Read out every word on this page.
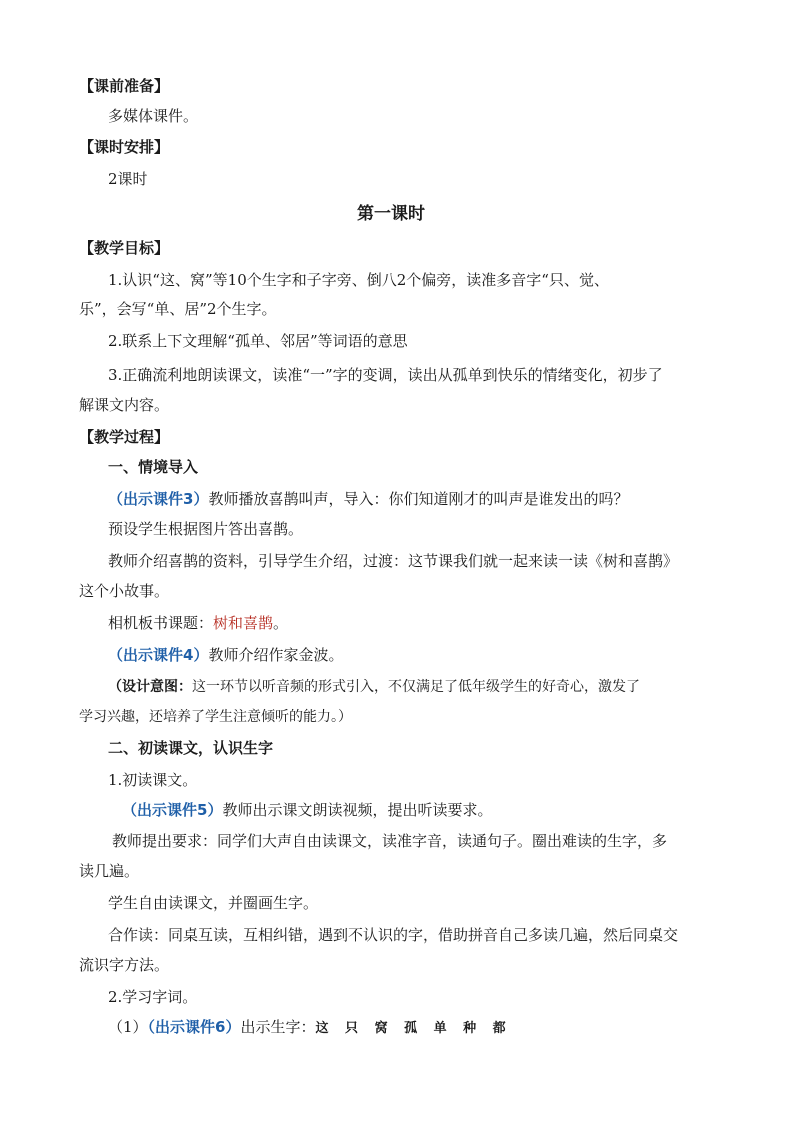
【课前准备】
多媒体课件。
【课时安排】
2课时
第一课时
【教学目标】
1.认识“这、窝”等10个生字和子字旁、倒八2个偏旁，读准多音字“只、觉、
乐”，会写“单、居”2个生字。
2.联系上下文理解“孤单、邻居”等词语的意思
3.正确流利地朗读课文，读准“一”字的变调，读出从孤单到快乐的情绪变化，初步了
解课文内容。
【教学过程】
一、情境导入
（出示课件3）教师播放喜鹊叫声，导入：你们知道刚才的叫声是谁发出的吗？
预设学生根据图片答出喜鹊。
教师介绍喜鹊的资料，引导学生介绍，过渡：这节课我们就一起来读一读《树和喜鹊》
这个小故事。
相机板书课题：树和喜鹊。
（出示课件4）教师介绍作家金波。
（设计意图：这一环节以听音频的形式引入，不仅满足了低年级学生的好奇心，激发了
学习兴趣，还培养了学生注意倾听的能力。）
二、初读课文，认识生字
1.初读课文。
（出示课件5）教师出示课文朗读视频，提出听读要求。
教师提出要求：同学们大声自由读课文，读准字音，读通句子。圈出难读的生字，多
读几遍。
学生自由读课文，并圈画生字。
合作读：同桌互读，互相纠错，遇到不认识的字，借助拼音自己多读几遍，然后同桌交
流识字方法。
2.学习字词。
（1）（出示课件6）出示生字：这 只 窝 孤 单 种 都
